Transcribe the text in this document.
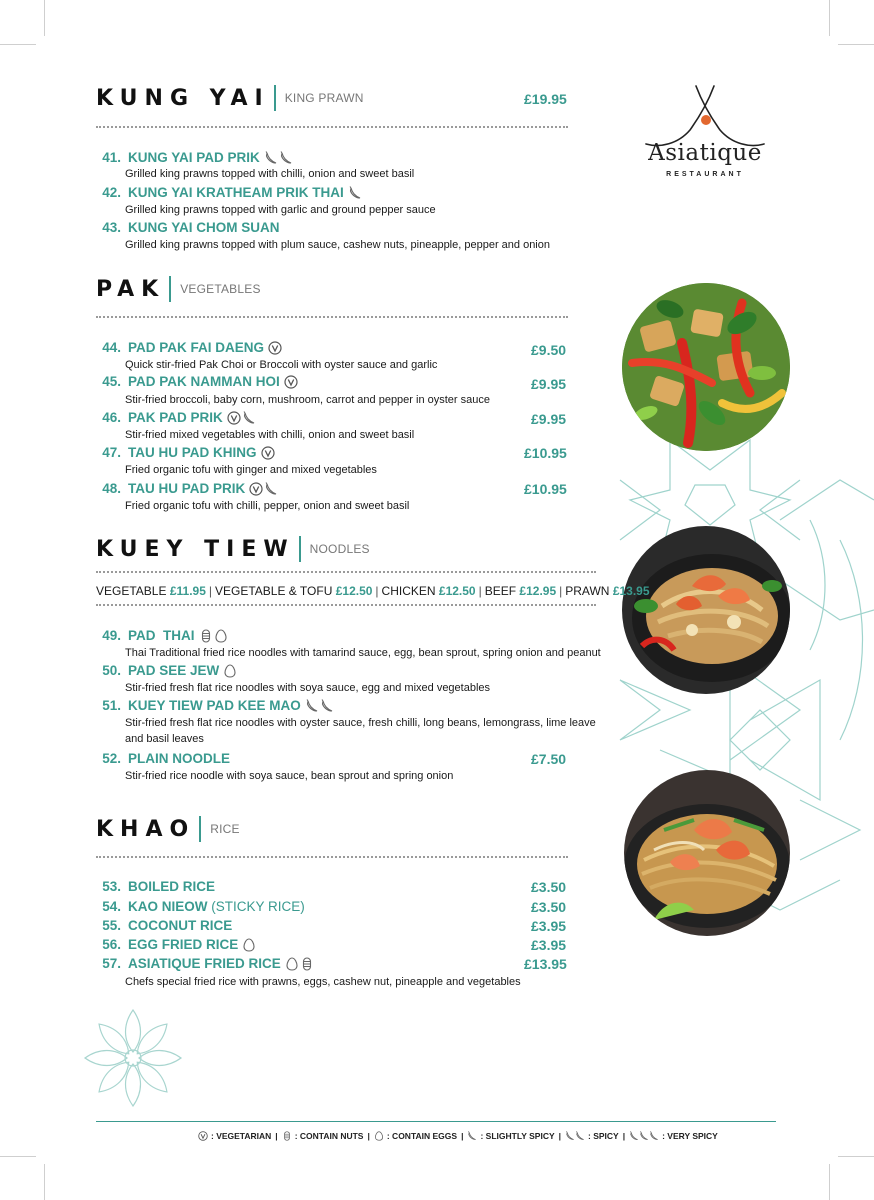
Asiatique
RESTAURANT
KUNG YAI KING PRAWN	£19.95
41. KUNG YAI PAD PRIK
Grilled king prawns topped with chilli, onion and sweet basil
42. KUNG YAI KRATHEAM PRIK THAI
Grilled king prawns topped with garlic and ground pepper sauce
43. KUNG YAI CHOM SUAN
Grilled king prawns topped with plum sauce, cashew nuts, pineapple, pepper and onion
PAK VEGETABLES
44. PAD PAK FAI DAENG	£9.50
Quick stir-fried Pak Choi or Broccoli with oyster sauce and garlic
45. PAD PAK NAMMAN HOI	£9.95
Stir-fried broccoli, baby corn, mushroom, carrot and pepper in oyster sauce
46. PAK PAD PRIK	£9.95
Stir-fried mixed vegetables with chilli, onion and sweet basil
47. TAU HU PAD KHING	£10.95
Fried organic tofu with ginger and mixed vegetables
48. TAU HU PAD PRIK	£10.95
Fried organic tofu with chilli, pepper, onion and sweet basil
KUEY TIEW NOODLES
VEGETABLE £11.95 | VEGETABLE & TOFU £12.50 | CHICKEN £12.50 | BEEF £12.95 | PRAWN £13.95
49. PAD  THAI
Thai Traditional fried rice noodles with tamarind sauce, egg, bean sprout, spring onion and peanut
50. PAD SEE JEW
Stir-fried fresh flat rice noodles with soya sauce, egg and mixed vegetables
51. KUEY TIEW PAD KEE MAO
Stir-fried fresh flat rice noodles with oyster sauce, fresh chilli, long beans, lemongrass, lime leave
and basil leaves
52. PLAIN NOODLE	£7.50
Stir-fried rice noodle with soya sauce, bean sprout and spring onion
KHAO RICE
53. BOILED RICE	£3.50
54. KAO NIEOW (STICKY RICE)	£3.50
55. COCONUT RICE	£3.95
56. EGG FRIED RICE	£3.95
57. ASIATIQUE FRIED RICE	£13.95
Chefs special fried rice with prawns, eggs, cashew nut, pineapple and vegetables
: VEGETARIAN | : CONTAIN NUTS | : CONTAIN EGGS | : SLIGHTLY SPICY |	: SPICY |	: VERY SPICY
